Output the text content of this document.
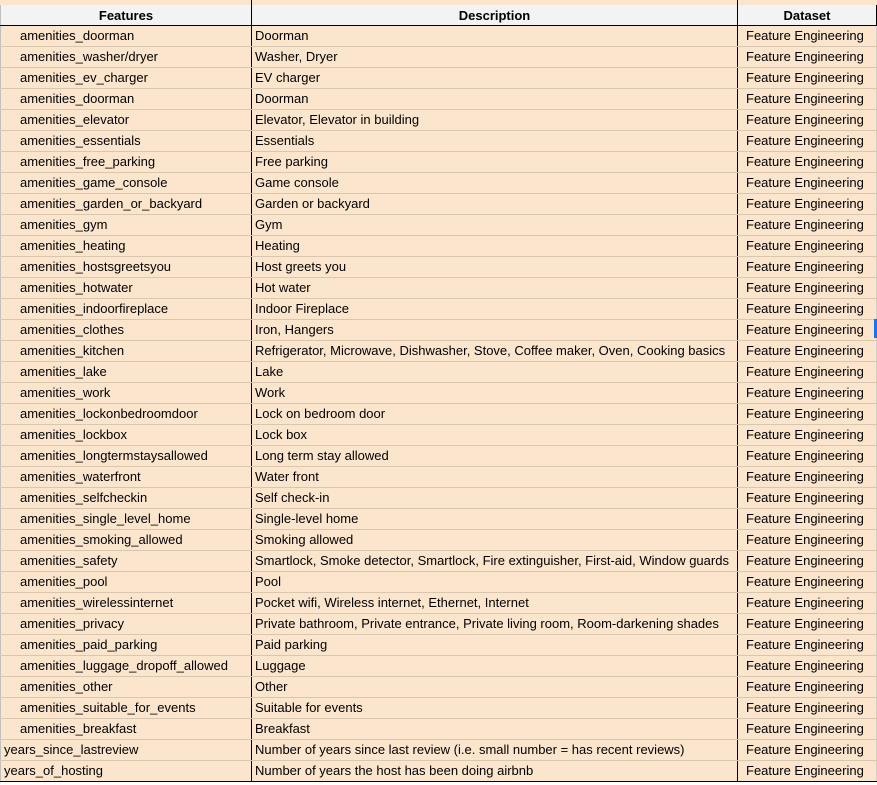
Features	Description	Dataset
amenities_doorman	Doorman	Feature Engineering
amenities_washer/dryer	Washer, Dryer	Feature Engineering
amenities_ev_charger	EV charger	Feature Engineering
amenities_doorman	Doorman	Feature Engineering
amenities_elevator	Elevator, Elevator in building	Feature Engineering
amenities_essentials	Essentials	Feature Engineering
amenities_free_parking	Free parking	Feature Engineering
amenities_game_console	Game console	Feature Engineering
amenities_garden_or_backyard	Garden or backyard	Feature Engineering
amenities_gym	Gym	Feature Engineering
amenities_heating	Heating	Feature Engineering
amenities_hostsgreetsyou	Host greets you	Feature Engineering
amenities_hotwater	Hot water	Feature Engineering
amenities_indoorfireplace	Indoor Fireplace	Feature Engineering
amenities_clothes	Iron, Hangers	Feature Engineering
amenities_kitchen	Refrigerator, Microwave, Dishwasher, Stove, Coffee maker, Oven, Cooking basics	Feature Engineering
amenities_lake	Lake	Feature Engineering
amenities_work	Work	Feature Engineering
amenities_lockonbedroomdoor	Lock on bedroom door	Feature Engineering
amenities_lockbox	Lock box	Feature Engineering
amenities_longtermstaysallowed	Long term stay allowed	Feature Engineering
amenities_waterfront	Water front	Feature Engineering
amenities_selfcheckin	Self check-in	Feature Engineering
amenities_single_level_home	Single-level home	Feature Engineering
amenities_smoking_allowed	Smoking allowed	Feature Engineering
amenities_safety	Smartlock, Smoke detector, Smartlock, Fire extinguisher, First-aid, Window guards	Feature Engineering
amenities_pool	Pool	Feature Engineering
amenities_wirelessinternet	Pocket wifi, Wireless internet, Ethernet, Internet	Feature Engineering
amenities_privacy	Private bathroom, Private entrance, Private living room, Room-darkening shades	Feature Engineering
amenities_paid_parking	Paid parking	Feature Engineering
amenities_luggage_dropoff_allowed	Luggage	Feature Engineering
amenities_other	Other	Feature Engineering
amenities_suitable_for_events	Suitable for events	Feature Engineering
amenities_breakfast	Breakfast	Feature Engineering
years_since_lastreview	Number of years since last review (i.e. small number = has recent reviews)	Feature Engineering
years_of_hosting	Number of years the host has been doing airbnb	Feature Engineering
